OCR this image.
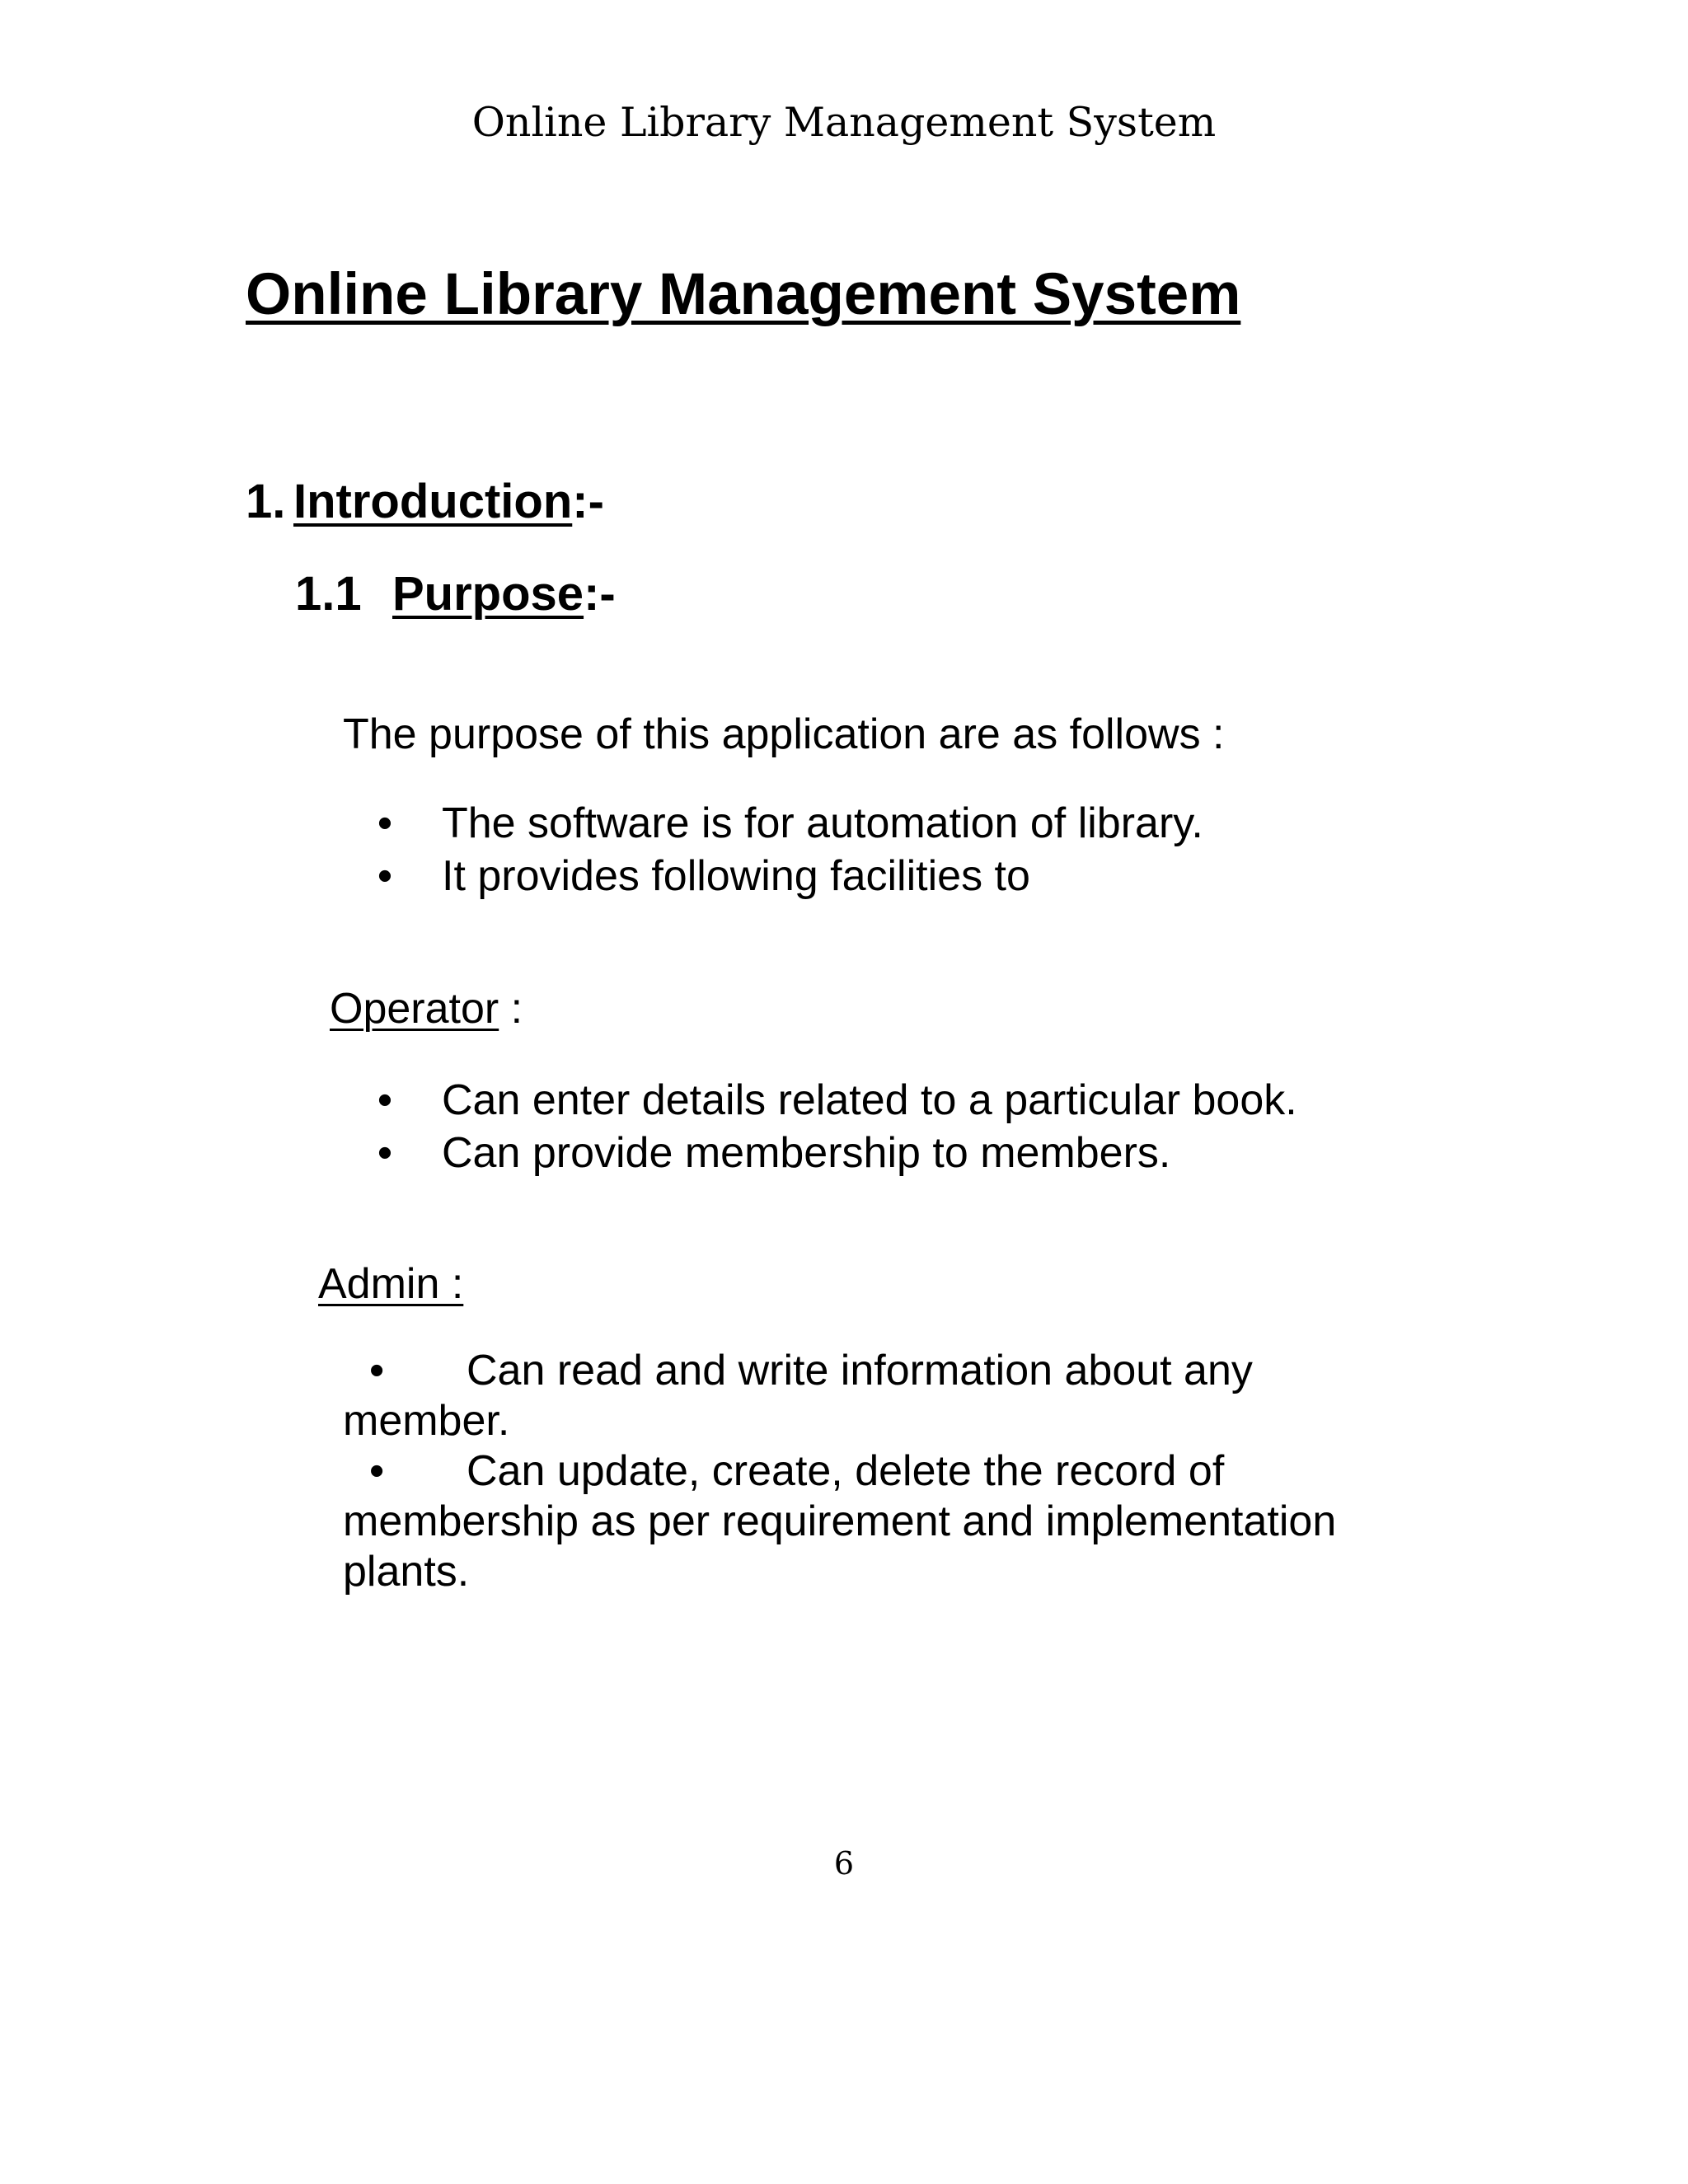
Online Library Management System
Online Library Management System
1. Introduction:-
1.1 Purpose:-

The purpose of this application are as follows :

• The software is for automation of library.
• It provides following facilities to

Operator :

• Can enter details related to a particular book.
• Can provide membership to members.

Admin :

• Can read and write information about any member.
• Can update, create, delete the record of membership as per requirement and implementation plants.
6
